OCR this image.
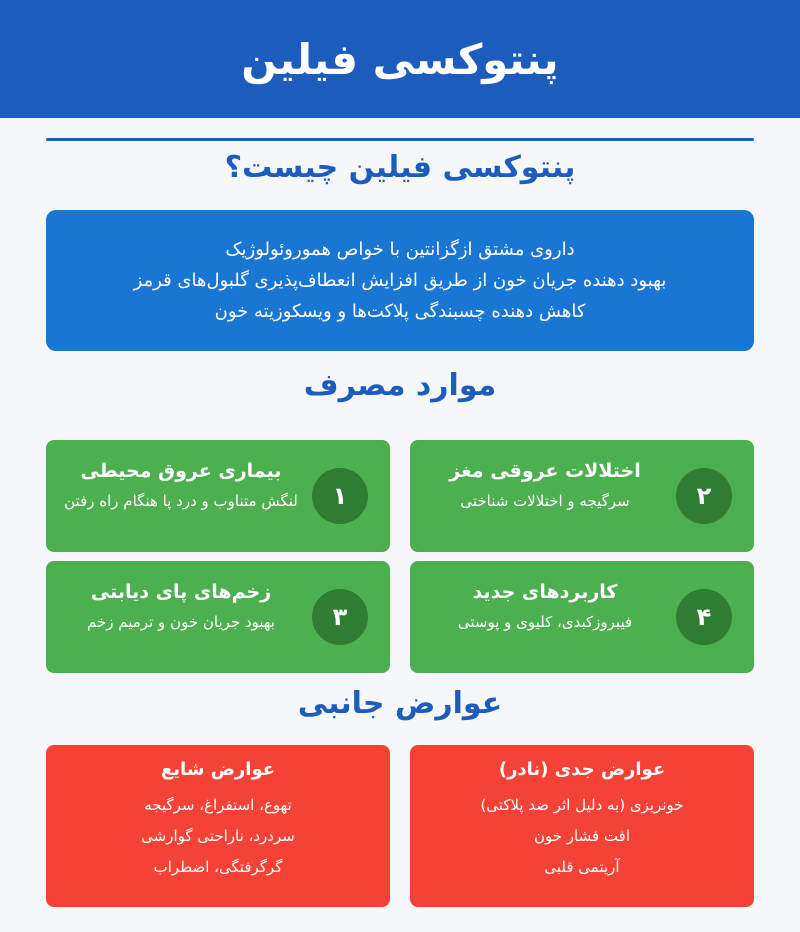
پنتوکسی فیلین
پنتوکسی فیلین چیست؟
داروی مشتق ازگزانتین با خواص هموروئولوژیک
بهبود دهنده جریان خون از طریق افزایش انعطاف‌پذیری گلبول‌های قرمز
کاهش دهنده چسبندگی پلاکت‌ها و ویسکوزیته خون
موارد مصرف
۱
بیماری عروق محیطی
لنگش متناوب و درد پا هنگام راه رفتن	۲
اختلالات عروقی مغز
سرگیجه و اختلالات شناختی
۳
زخم‌های پای دیابتی
بهبود جریان خون و ترمیم زخم	۴
کاربردهای جدید
فیبروزکبدی، کلیوی و پوستی
عوارض جانبی
عوارض شایع
تهوع، استفراغ، سرگیجه
سردرد، ناراحتی گوارشی
گرگرفتگی، اضطراب
عوارض جدی (نادر)
خونریزی (به دلیل اثر ضد پلاکتی)
افت فشار خون
آریتمی قلبی
